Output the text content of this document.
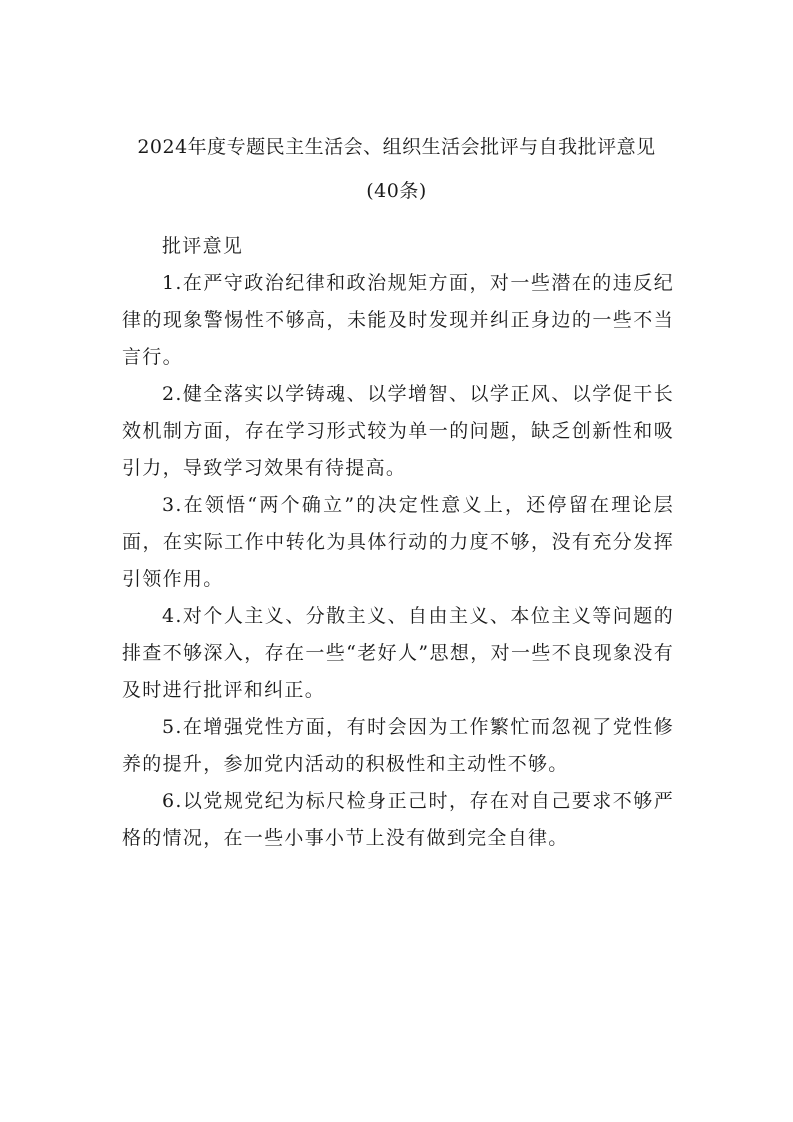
2024年度专题民主生活会、组织生活会批评与自我批评意见
(40条)

批评意见

1.在严守政治纪律和政治规矩方面，对一些潜在的违反纪律的现象警惕性不够高，未能及时发现并纠正身边的一些不当言行。

2.健全落实以学铸魂、以学增智、以学正风、以学促干长效机制方面，存在学习形式较为单一的问题，缺乏创新性和吸引力，导致学习效果有待提高。

3.在领悟“两个确立”的决定性意义上，还停留在理论层面，在实际工作中转化为具体行动的力度不够，没有充分发挥引领作用。

4.对个人主义、分散主义、自由主义、本位主义等问题的排查不够深入，存在一些“老好人”思想，对一些不良现象没有及时进行批评和纠正。

5.在增强党性方面，有时会因为工作繁忙而忽视了党性修养的提升，参加党内活动的积极性和主动性不够。

6.以党规党纪为标尺检身正己时，存在对自己要求不够严格的情况，在一些小事小节上没有做到完全自律。
